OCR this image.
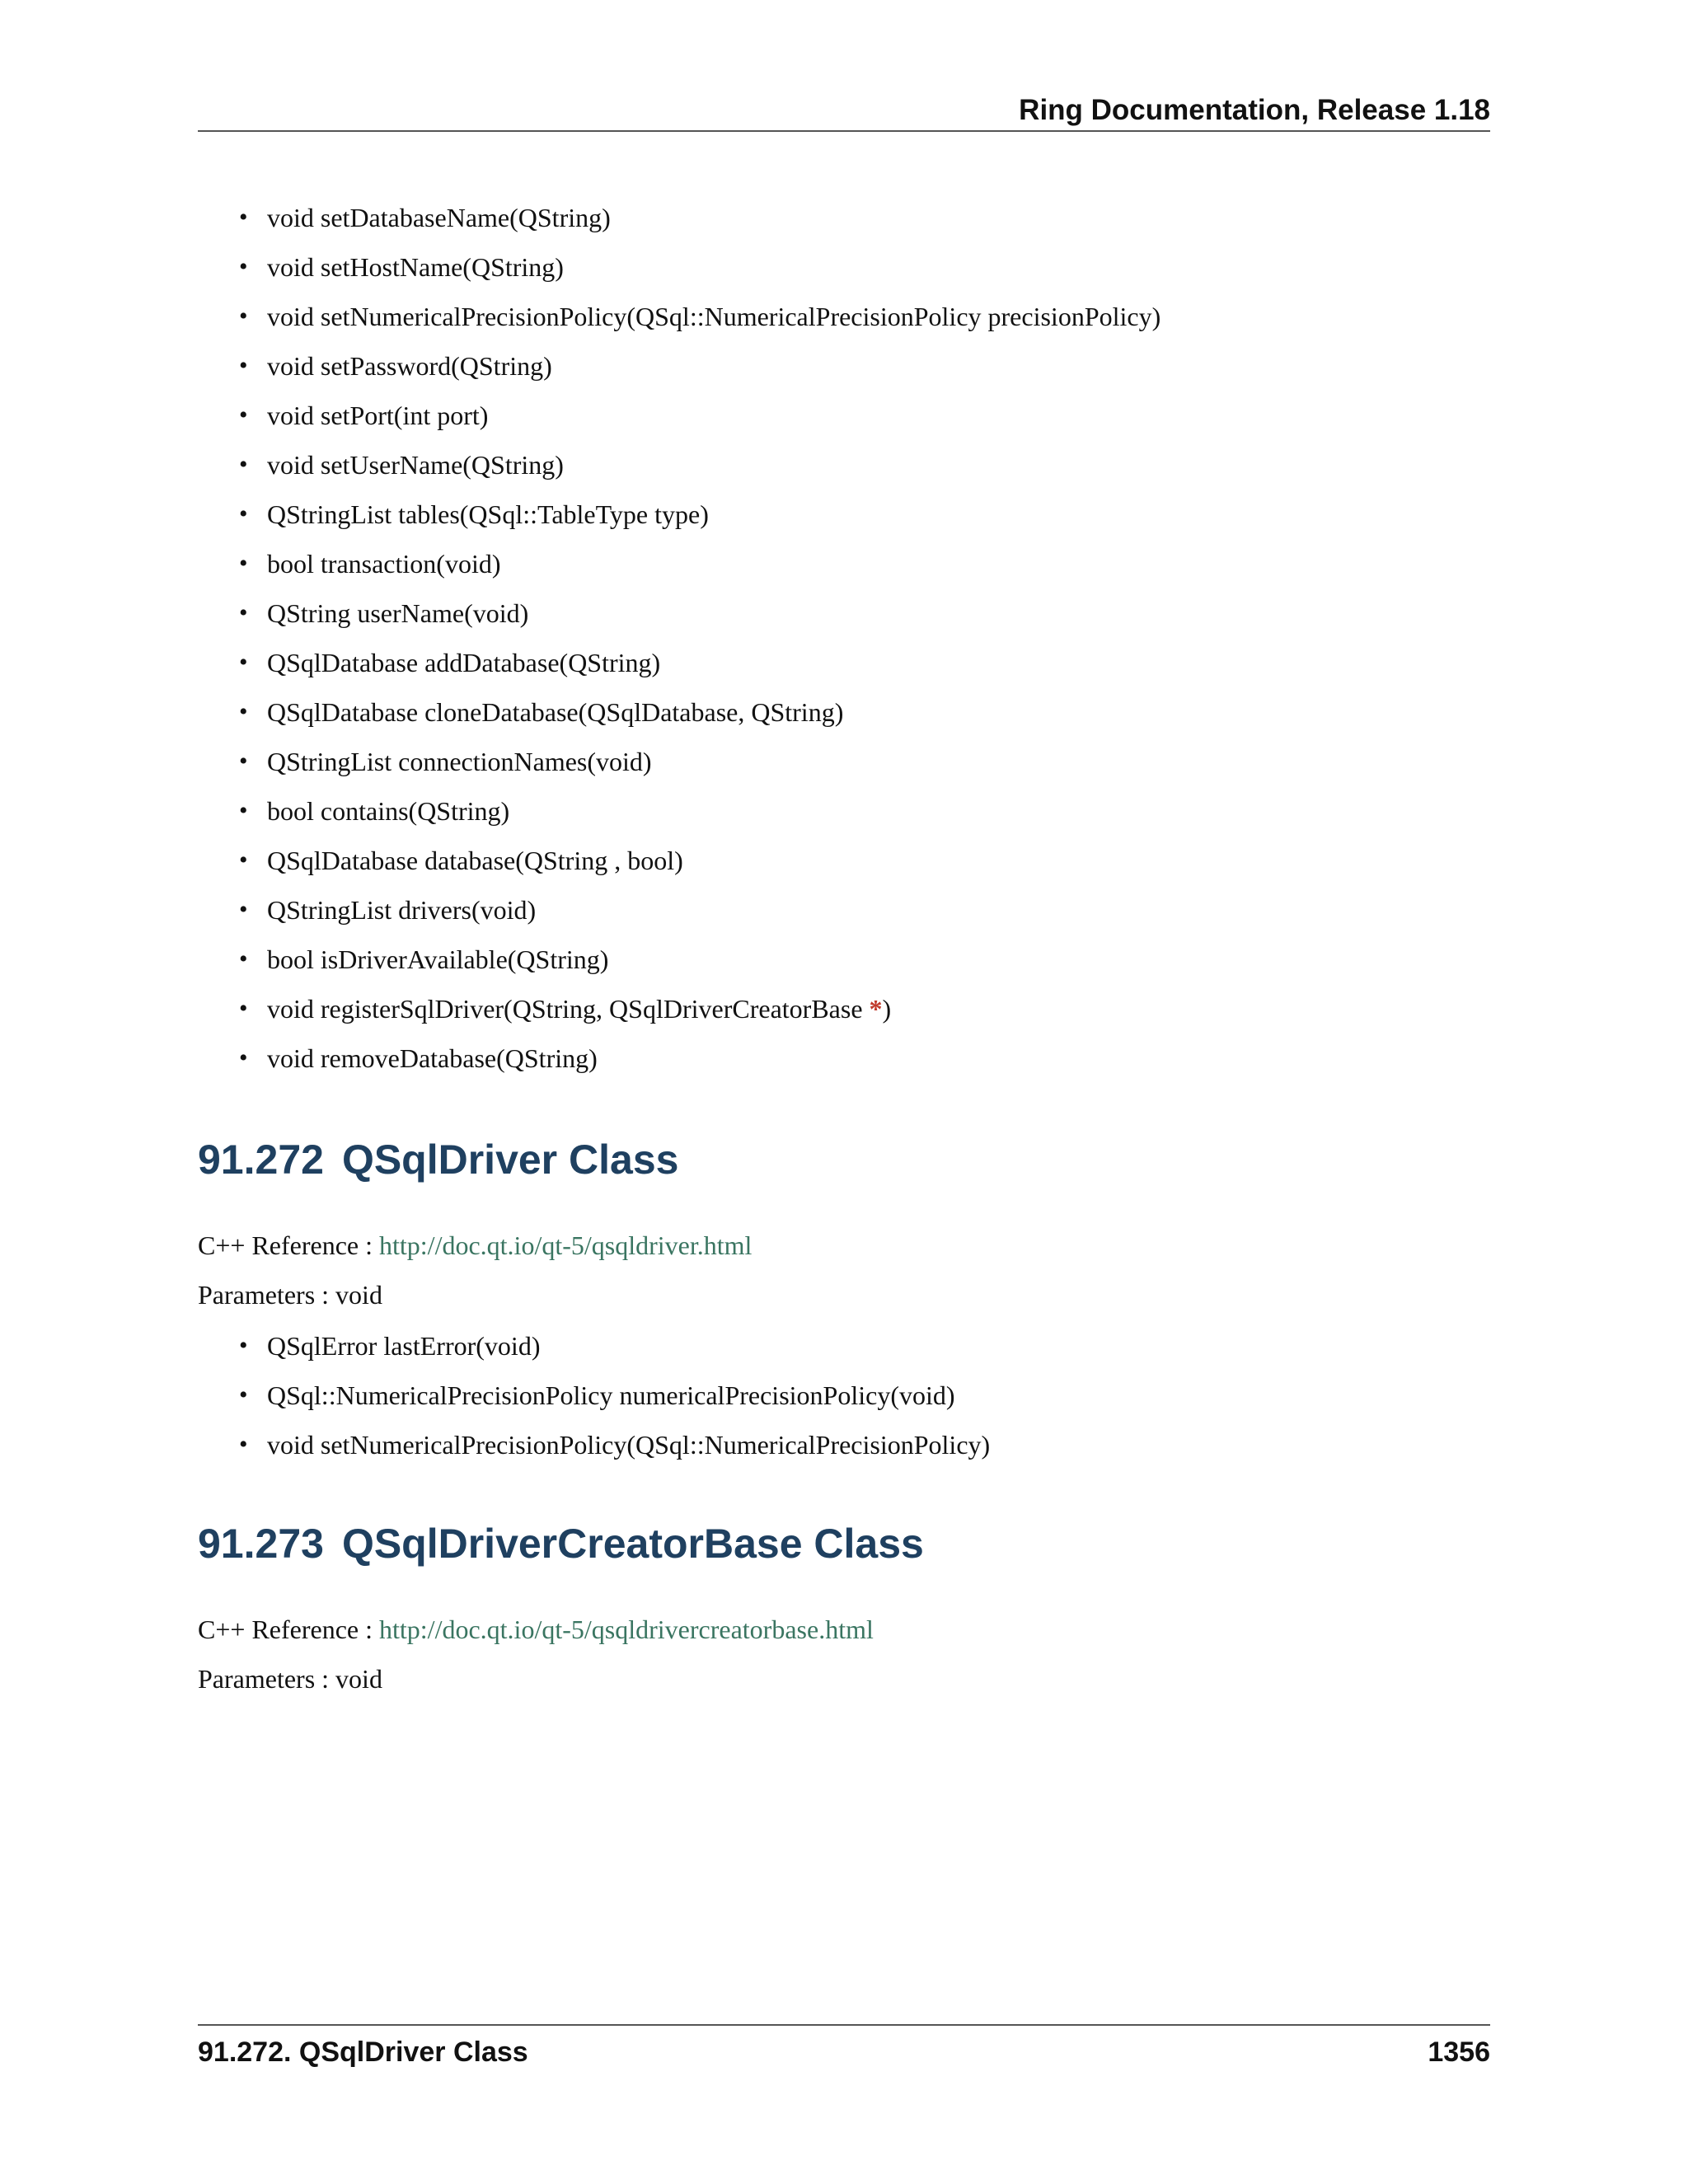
Ring Documentation, Release 1.18
• void setDatabaseName(QString)
• void setHostName(QString)
• void setNumericalPrecisionPolicy(QSql::NumericalPrecisionPolicy precisionPolicy)
• void setPassword(QString)
• void setPort(int port)
• void setUserName(QString)
• QStringList tables(QSql::TableType type)
• bool transaction(void)
• QString userName(void)
• QSqlDatabase addDatabase(QString)
• QSqlDatabase cloneDatabase(QSqlDatabase, QString)
• QStringList connectionNames(void)
• bool contains(QString)
• QSqlDatabase database(QString , bool)
• QStringList drivers(void)
• bool isDriverAvailable(QString)
• void registerSqlDriver(QString, QSqlDriverCreatorBase *)
• void removeDatabase(QString)
91.272 QSqlDriver Class
C++ Reference : http://doc.qt.io/qt-5/qsqldriver.html
Parameters : void
• QSqlError lastError(void)
• QSql::NumericalPrecisionPolicy numericalPrecisionPolicy(void)
• void setNumericalPrecisionPolicy(QSql::NumericalPrecisionPolicy)
91.273 QSqlDriverCreatorBase Class
C++ Reference : http://doc.qt.io/qt-5/qsqldrivercreatorbase.html
Parameters : void
91.272. QSqlDriver Class	1356
